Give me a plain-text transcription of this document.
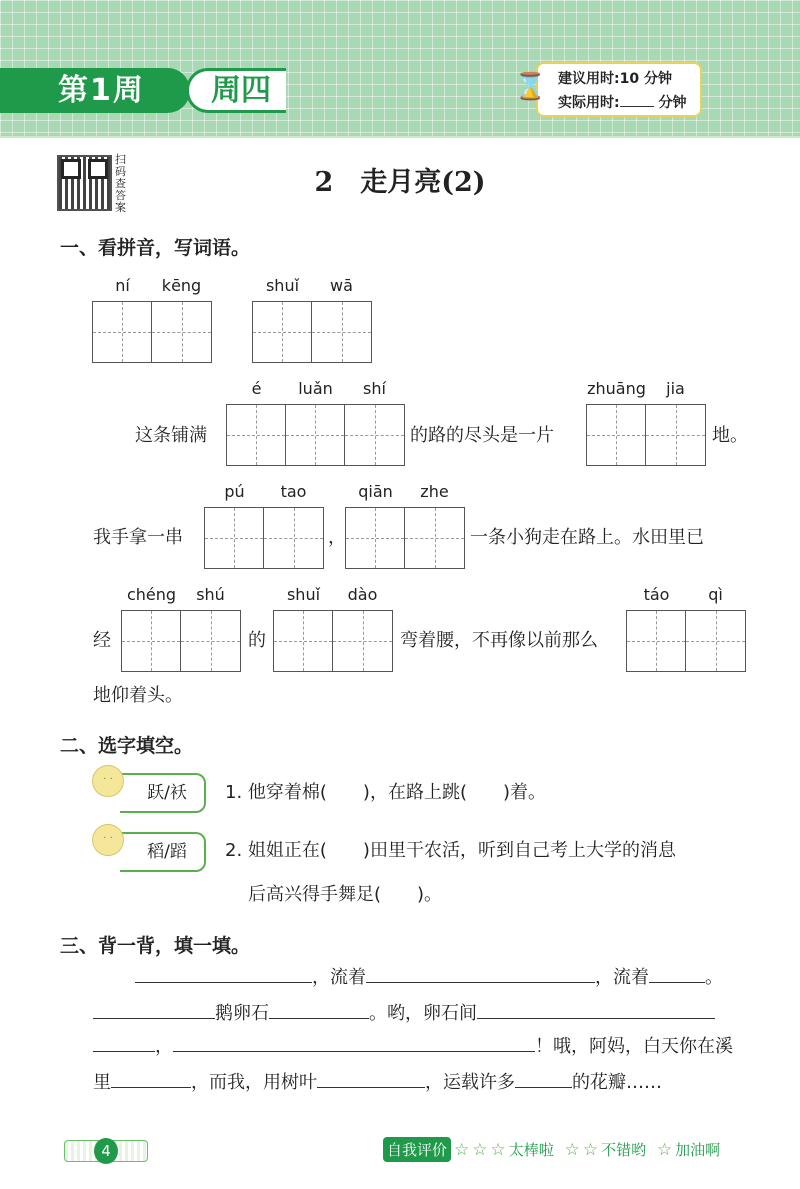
第1周	周四	建议用时:10 分钟
实际用时:	分钟
⌛
扫码查答案
2　走月亮(2)
一、看拼音，写词语。
ní	kēng	shuǐ	wā
é	luǎn	shí	zhuāng	jia
pú	tao	qiān	zhe
chéng	shú	shuǐ	dào	táo	qì
这条铺满	的路的尽头是一片	地。
我手拿一串	，	一条小狗走在路上。水田里已
经	的	弯着腰，不再像以前那么
地仰着头。
二、选字填空。
跃/袄
· ·
1. 他穿着棉(　　)，在路上跳(　　)着。
稻/蹈
· ·
2. 姐姐正在(　　)田里干农活，听到自己考上大学的消息
后高兴得手舞足(　　)。
三、背一背，填一填。
，流着	，流着	。
鹅卵石	。哟，卵石间
，	！哦，阿妈，白天你在溪
里	，而我，用树叶	，运载许多	的花瓣……
4	自我评价 ☆ ☆ ☆ 太棒啦
☆ ☆ 不错哟
☆ 加油啊
